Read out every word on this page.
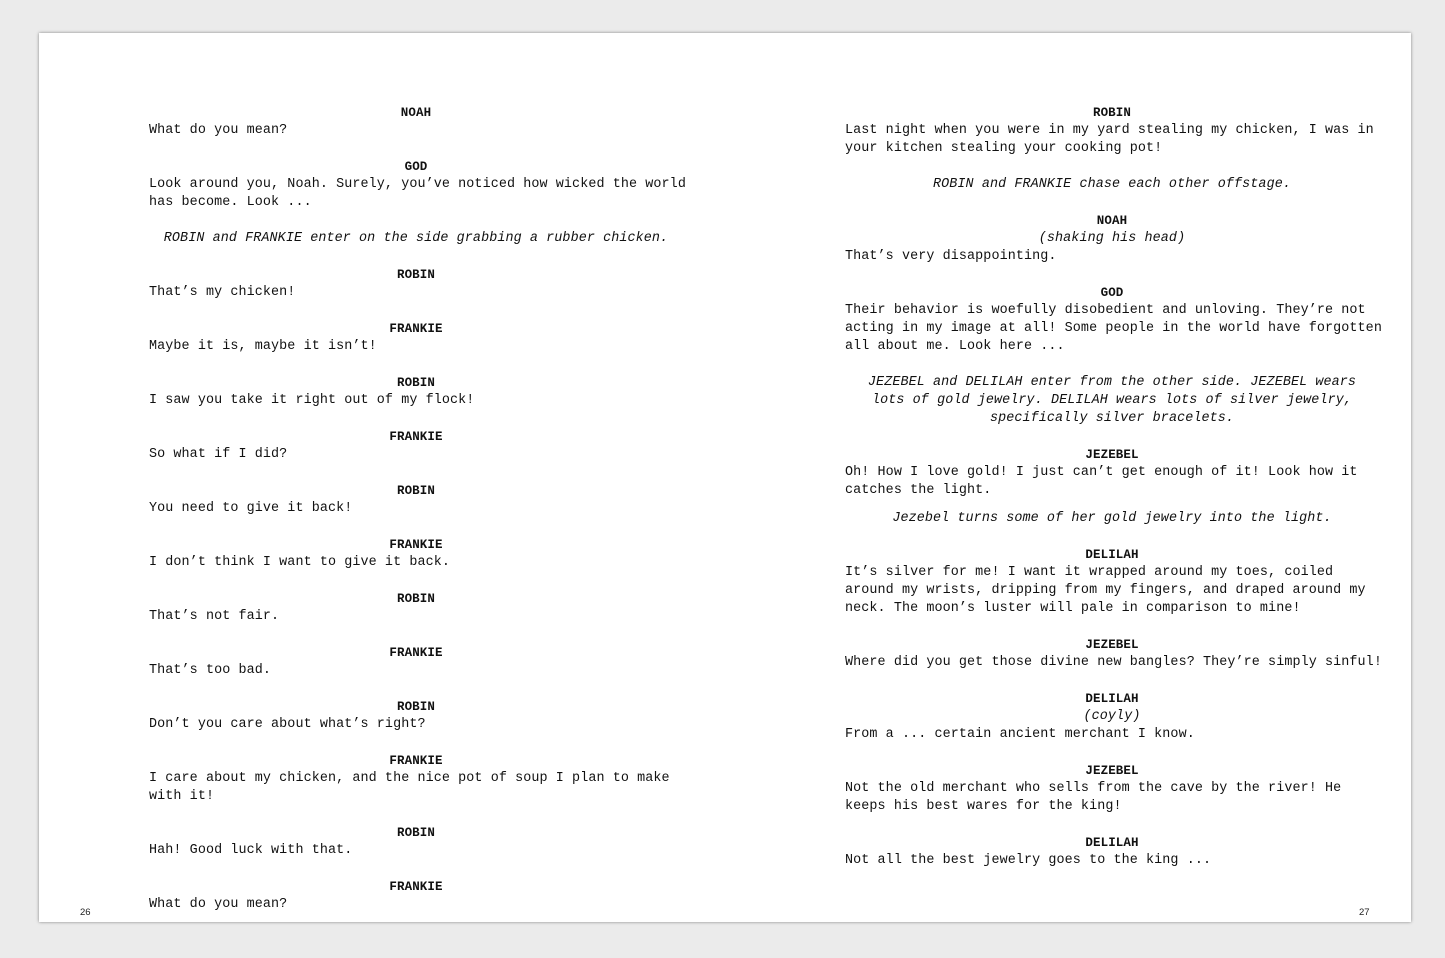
NOAH
What do you mean?
GOD
Look around you, Noah. Surely, you’ve noticed how wicked the world
has become. Look ...
ROBIN and FRANKIE enter on the side grabbing a rubber chicken.
ROBIN
That’s my chicken!
FRANKIE
Maybe it is, maybe it isn’t!
ROBIN
I saw you take it right out of my flock!
FRANKIE
So what if I did?
ROBIN
You need to give it back!
FRANKIE
I don’t think I want to give it back.
ROBIN
That’s not fair.
FRANKIE
That’s too bad.
ROBIN
Don’t you care about what’s right?
FRANKIE
I care about my chicken, and the nice pot of soup I plan to make
with it!
ROBIN
Hah! Good luck with that.
FRANKIE
What do you mean?
ROBIN
Last night when you were in my yard stealing my chicken, I was in
your kitchen stealing your cooking pot!
ROBIN and FRANKIE chase each other offstage.
NOAH
(shaking his head)
That’s very disappointing.
GOD
Their behavior is woefully disobedient and unloving. They’re not
acting in my image at all! Some people in the world have forgotten
all about me. Look here ...
JEZEBEL and DELILAH enter from the other side. JEZEBEL wears
lots of gold jewelry. DELILAH wears lots of silver jewelry,
specifically silver bracelets.
JEZEBEL
Oh! How I love gold! I just can’t get enough of it! Look how it
catches the light.
Jezebel turns some of her gold jewelry into the light.
DELILAH
It’s silver for me! I want it wrapped around my toes, coiled
around my wrists, dripping from my fingers, and draped around my
neck. The moon’s luster will pale in comparison to mine!
JEZEBEL
Where did you get those divine new bangles? They’re simply sinful!
DELILAH
(coyly)
From a ... certain ancient merchant I know.
JEZEBEL
Not the old merchant who sells from the cave by the river! He
keeps his best wares for the king!
DELILAH
Not all the best jewelry goes to the king ...
26	27
